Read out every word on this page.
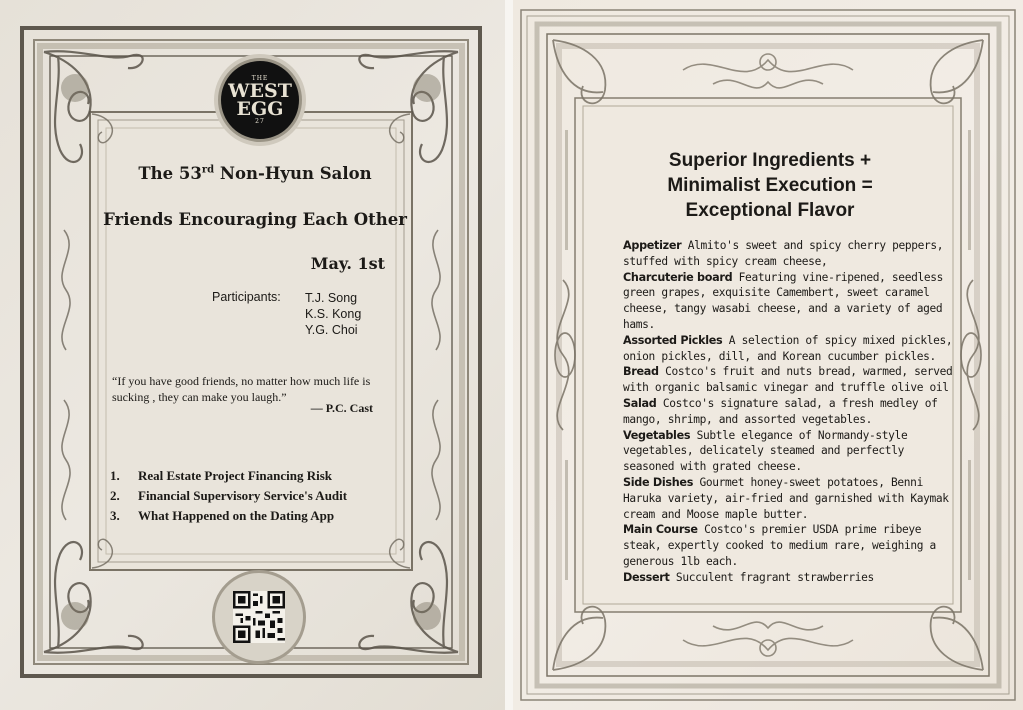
THE
WEST
EGG
27
The 53rd Non-Hyun Salon
Friends Encouraging Each Other
May. 1st
Participants: T.J. Song
K.S. Kong
Y.G. Choi
“If you have good friends, no matter how much life is sucking , they can make you laugh.”
— P.C. Cast
1. Real Estate Project Financing Risk
2. Financial Supervisory Service's Audit
3. What Happened on the Dating App
Superior Ingredients +
Minimalist Execution =
Exceptional Flavor

Appetizer Almito's sweet and spicy cherry peppers, stuffed with spicy cream cheese,

Charcuterie board Featuring vine-ripened, seedless green grapes, exquisite Camembert, sweet caramel cheese, tangy wasabi cheese, and a variety of aged hams.

Assorted Pickles A selection of spicy mixed pickles, onion pickles, dill, and Korean cucumber pickles.

Bread Costco's fruit and nuts bread, warmed, served with organic balsamic vinegar and truffle olive oil

Salad Costco's signature salad, a fresh medley of mango, shrimp, and assorted vegetables.

Vegetables Subtle elegance of Normandy-style vegetables, delicately steamed and perfectly seasoned with grated cheese.

Side Dishes Gourmet honey-sweet potatoes, Benni Haruka variety, air-fried and garnished with Kaymak cream and Moose maple butter.

Main Course Costco's premier USDA prime ribeye steak, expertly cooked to medium rare, weighing a generous 1lb each.

Dessert Succulent fragrant strawberries
